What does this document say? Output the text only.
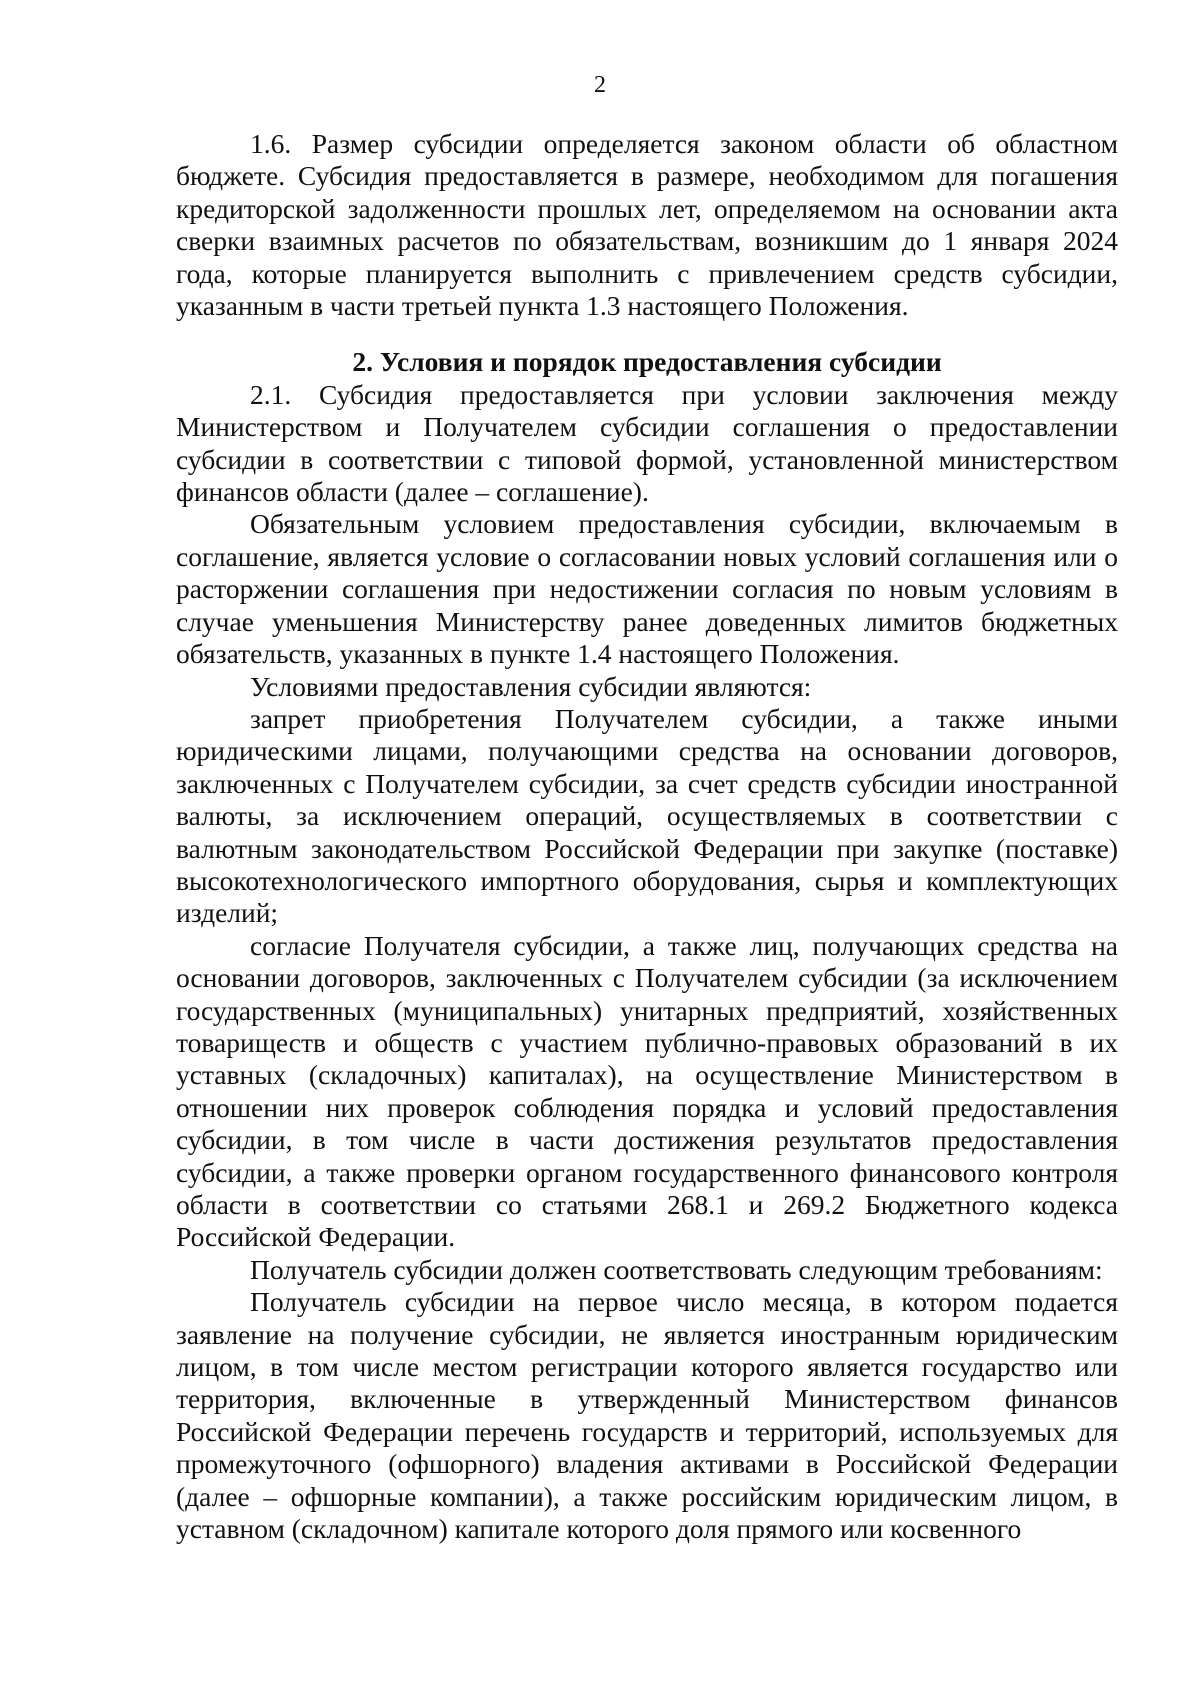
2

1.6. Размер субсидии определяется законом области об областном бюджете. Субсидия предоставляется в размере, необходимом для погашения кредиторской задолженности прошлых лет, определяемом на основании акта сверки взаимных расчетов по обязательствам, возникшим до 1 января 2024 года, которые планируется выполнить с привлечением средств субсидии, указанным в части третьей пункта 1.3 настоящего Положения.

2. Условия и порядок предоставления субсидии

2.1. Субсидия предоставляется при условии заключения между Министерством и Получателем субсидии соглашения о предоставлении субсидии в соответствии с типовой формой, установленной министерством финансов области (далее – соглашение).

Обязательным условием предоставления субсидии, включаемым в соглашение, является условие о согласовании новых условий соглашения или о расторжении соглашения при недостижении согласия по новым условиям в случае уменьшения Министерству ранее доведенных лимитов бюджетных обязательств, указанных в пункте 1.4 настоящего Положения.

Условиями предоставления субсидии являются:

запрет приобретения Получателем субсидии, а также иными юридическими лицами, получающими средства на основании договоров, заключенных с Получателем субсидии, за счет средств субсидии иностранной валюты, за исключением операций, осуществляемых в соответствии с валютным законодательством Российской Федерации при закупке (поставке) высокотехнологического импортного оборудования, сырья и комплектующих изделий;

согласие Получателя субсидии, а также лиц, получающих средства на основании договоров, заключенных с Получателем субсидии (за исключением государственных (муниципальных) унитарных предприятий, хозяйственных товариществ и обществ с участием публично-правовых образований в их уставных (складочных) капиталах), на осуществление Министерством в отношении них проверок соблюдения порядка и условий предоставления субсидии, в том числе в части достижения результатов предоставления субсидии, а также проверки органом государственного финансового контроля области в соответствии со статьями 268.1 и 269.2 Бюджетного кодекса Российской Федерации.

Получатель субсидии должен соответствовать следующим требованиям:

Получатель субсидии на первое число месяца, в котором подается заявление на получение субсидии, не является иностранным юридическим лицом, в том числе местом регистрации которого является государство или территория, включенные в утвержденный Министерством финансов Российской Федерации перечень государств и территорий, используемых для промежуточного (офшорного) владения активами в Российской Федерации (далее – офшорные компании), а также российским юридическим лицом, в уставном (складочном) капитале которого доля прямого или косвенного
